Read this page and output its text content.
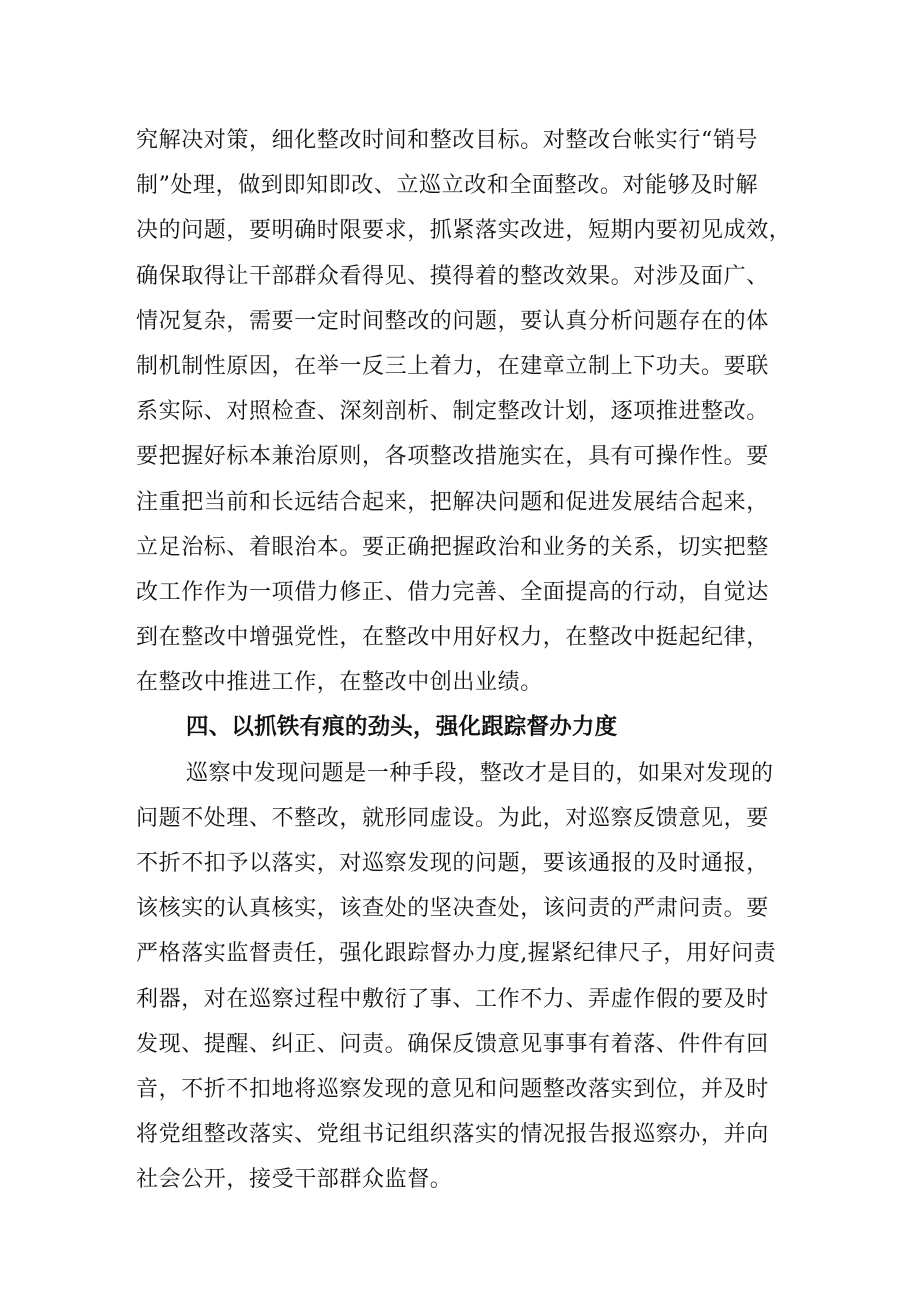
究解决对策，细化整改时间和整改目标。对整改台帐实行“销号
制”处理，做到即知即改、立巡立改和全面整改。对能够及时解
决的问题，要明确时限要求，抓紧落实改进，短期内要初见成效，
确保取得让干部群众看得见、摸得着的整改效果。对涉及面广、
情况复杂，需要一定时间整改的问题，要认真分析问题存在的体
制机制性原因，在举一反三上着力，在建章立制上下功夫。要联
系实际、对照检查、深刻剖析、制定整改计划，逐项推进整改。
要把握好标本兼治原则，各项整改措施实在，具有可操作性。要
注重把当前和长远结合起来，把解决问题和促进发展结合起来，
立足治标、着眼治本。要正确把握政治和业务的关系，切实把整
改工作作为一项借力修正、借力完善、全面提高的行动，自觉达
到在整改中增强党性，在整改中用好权力，在整改中挺起纪律，
在整改中推进工作，在整改中创出业绩。
四、以抓铁有痕的劲头，强化跟踪督办力度
巡察中发现问题是一种手段，整改才是目的，如果对发现的
问题不处理、不整改，就形同虚设。为此，对巡察反馈意见，要
不折不扣予以落实，对巡察发现的问题，要该通报的及时通报，
该核实的认真核实，该查处的坚决查处，该问责的严肃问责。要
严格落实监督责任，强化跟踪督办力度,握紧纪律尺子，用好问责
利器，对在巡察过程中敷衍了事、工作不力、弄虚作假的要及时
发现、提醒、纠正、问责。确保反馈意见事事有着落、件件有回
音，不折不扣地将巡察发现的意见和问题整改落实到位，并及时
将党组整改落实、党组书记组织落实的情况报告报巡察办，并向
社会公开，接受干部群众监督。
